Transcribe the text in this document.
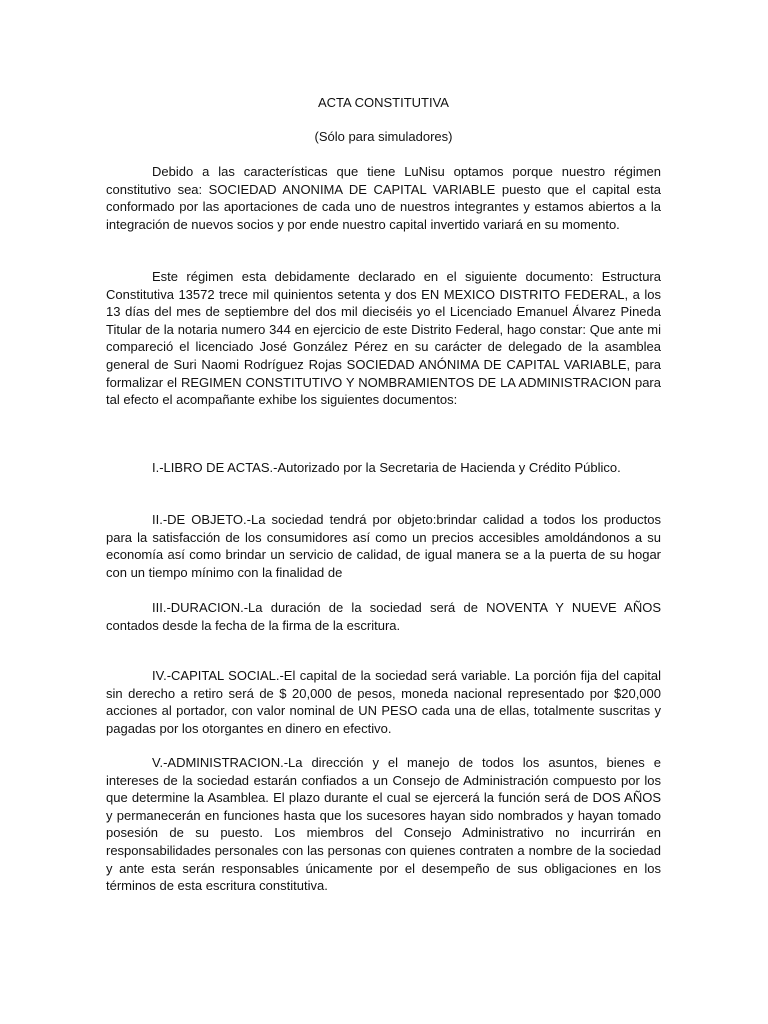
ACTA CONSTITUTIVA

(Sólo para simuladores)

Debido a las características que tiene LuNisu optamos porque nuestro régimen constitutivo sea: SOCIEDAD ANONIMA DE CAPITAL VARIABLE puesto que el capital esta conformado por las aportaciones de cada uno de nuestros integrantes y estamos abiertos a la integración de nuevos socios y por ende nuestro capital invertido variará en su momento.

Este régimen esta debidamente declarado en el siguiente documento: Estructura Constitutiva 13572 trece mil quinientos setenta y dos EN MEXICO DISTRITO FEDERAL, a los 13 días del mes de septiembre del dos mil dieciséis yo el Licenciado Emanuel Álvarez Pineda Titular de la notaria numero 344 en ejercicio de este Distrito Federal, hago constar: Que ante mi compareció el licenciado José González Pérez en su carácter de delegado de la asamblea general de Suri Naomi Rodríguez Rojas SOCIEDAD ANÓNIMA DE CAPITAL VARIABLE, para formalizar el REGIMEN CONSTITUTIVO Y NOMBRAMIENTOS DE LA ADMINISTRACION para tal efecto el acompañante exhibe los siguientes documentos:

I.-LIBRO DE ACTAS.-Autorizado por la Secretaria de Hacienda y Crédito Público.

II.-DE OBJETO.-La sociedad tendrá por objeto:brindar calidad a todos los productos para la satisfacción de los consumidores así como un precios accesibles amoldándonos a su economía así como brindar un servicio de calidad, de igual manera se a la puerta de su hogar con un tiempo mínimo con la finalidad de

III.-DURACION.-La duración de la sociedad será de NOVENTA Y NUEVE AÑOS contados desde la fecha de la firma de la escritura.

IV.-CAPITAL SOCIAL.-El capital de la sociedad será variable. La porción fija del capital sin derecho a retiro será de $ 20,000 de pesos, moneda nacional representado por $20,000 acciones al portador, con valor nominal de UN PESO cada una de ellas, totalmente suscritas y pagadas por los otorgantes en dinero en efectivo.

V.-ADMINISTRACION.-La dirección y el manejo de todos los asuntos, bienes e intereses de la sociedad estarán confiados a un Consejo de Administración compuesto por los que determine la Asamblea. El plazo durante el cual se ejercerá la función será de DOS AÑOS y permanecerán en funciones hasta que los sucesores hayan sido nombrados y hayan tomado posesión de su puesto. Los miembros del Consejo Administrativo no incurrirán en responsabilidades personales con las personas con quienes contraten a nombre de la sociedad y ante esta serán responsables únicamente por el desempeño de sus obligaciones en los términos de esta escritura constitutiva.
